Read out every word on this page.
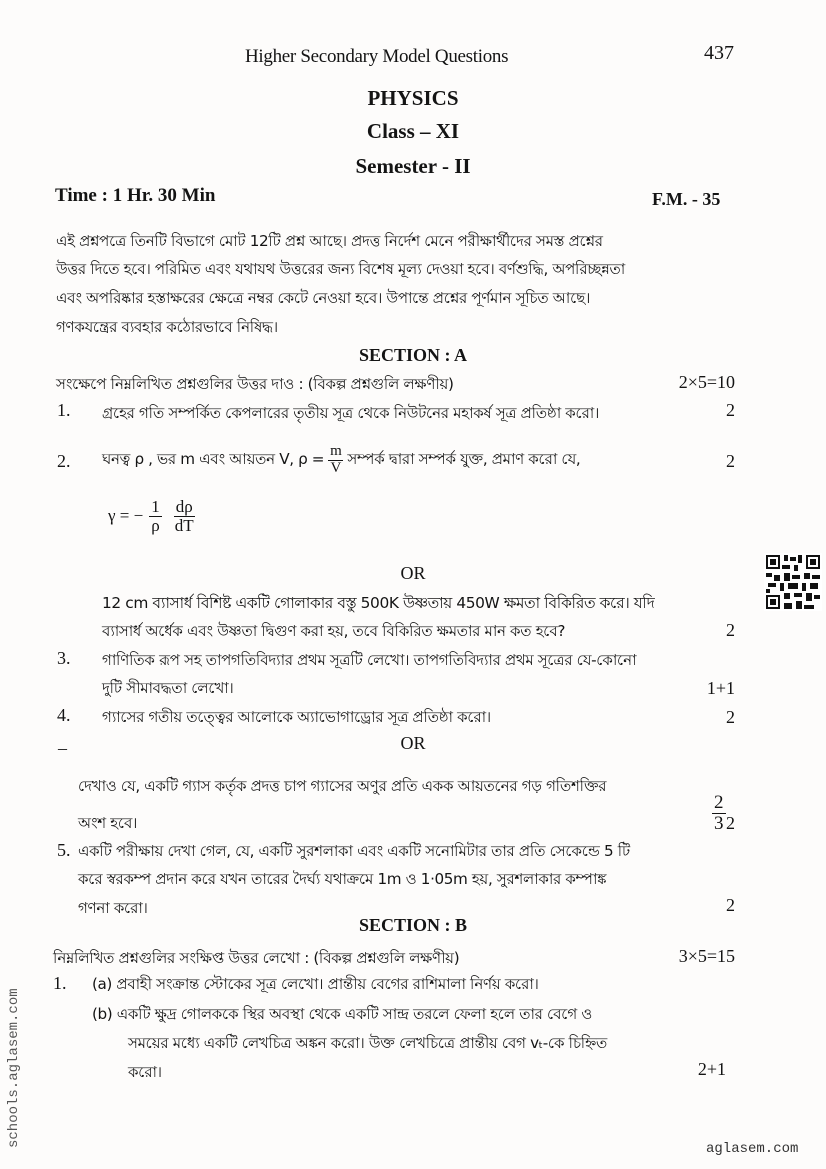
Higher Secondary Model Questions	437
PHYSICS
Class – XI
Semester - II
Time : 1 Hr. 30 Min	F.M. - 35
এই প্রশ্নপত্রে তিনটি বিভাগে মোট 12টি প্রশ্ন আছে। প্রদত্ত নির্দেশ মেনে পরীক্ষার্থীদের সমস্ত প্রশ্নের
উত্তর দিতে হবে। পরিমিত এবং যথাযথ উত্তরের জন্য বিশেষ মূল্য দেওয়া হবে। বর্ণশুদ্ধি, অপরিচ্ছন্নতা
এবং অপরিষ্কার হস্তাক্ষরের ক্ষেত্রে নম্বর কেটে নেওয়া হবে। উপান্তে প্রশ্নের পূর্ণমান সূচিত আছে।
গণকযন্ত্রের ব্যবহার কঠোরভাবে নিষিদ্ধ।
SECTION : A
সংক্ষেপে নিম্নলিখিত প্রশ্নগুলির উত্তর দাও : (বিকল্প প্রশ্নগুলি লক্ষণীয়)	2×5=10
1. গ্রহের গতি সম্পর্কিত কেপলারের তৃতীয় সূত্র থেকে নিউটনের মহাকর্ষ সূত্র প্রতিষ্ঠা করো।	2
2. ঘনত্ব ρ , ভর m এবং আয়তন V, $\rho = \frac{m}{V}$ সম্পর্ক দ্বারা সম্পর্ক যুক্ত, প্রমাণ করো যে,	2
γ = − $\frac{1}{\rho} \frac{d\rho}{dT}$
OR
12 cm ব্যাসার্ধ বিশিষ্ট একটি গোলাকার বস্তু 500K উষ্ণতায় 450W ক্ষমতা বিকিরিত করে। যদি
ব্যাসার্ধ অর্ধেক এবং উষ্ণতা দ্বিগুণ করা হয়, তবে বিকিরিত ক্ষমতার মান কত হবে?	2
3. গাণিতিক রূপ সহ তাপগতিবিদ্যার প্রথম সূত্রটি লেখো। তাপগতিবিদ্যার প্রথম সূত্রের যে-কোনো
দুটি সীমাবদ্ধতা লেখো।	1+1
4. গ্যাসের গতীয় তত্ত্বের আলোকে অ্যাভোগাড্রোর সূত্র প্রতিষ্ঠা করো।	2
–	OR
দেখাও যে, একটি গ্যাস কর্তৃক প্রদত্ত চাপ গ্যাসের অণুর প্রতি একক আয়তনের গড় গতিশক্তির
$\frac{2}{3}$
অংশ হবে।	2
5. একটি পরীক্ষায় দেখা গেল, যে, একটি সুরশলাকা এবং একটি সনোমিটার তার প্রতি সেকেন্ডে 5 টি
করে স্বরকম্প প্রদান করে যখন তারের দৈর্ঘ্য যথাক্রমে 1m ও 1·05m হয়, সুরশলাকার কম্পাঙ্ক
গণনা করো।	2
SECTION : B
নিম্নলিখিত প্রশ্নগুলির সংক্ষিপ্ত উত্তর লেখো : (বিকল্প প্রশ্নগুলি লক্ষণীয়)	3×5=15
1. (a) প্রবাহী সংক্রান্ত স্টোকের সূত্র লেখো। প্রান্তীয় বেগের রাশিমালা নির্ণয় করো।
(b) একটি ক্ষুদ্র গোলককে স্থির অবস্থা থেকে একটি সান্দ্র তরলে ফেলা হলে তার বেগে ও
সময়ের মধ্যে একটি লেখচিত্র অঙ্কন করো। উক্ত লেখচিত্রে প্রান্তীয় বেগ vₜ-কে চিহ্নিত
করো।	2+1
schools.aglasem.com
aglasem.com
